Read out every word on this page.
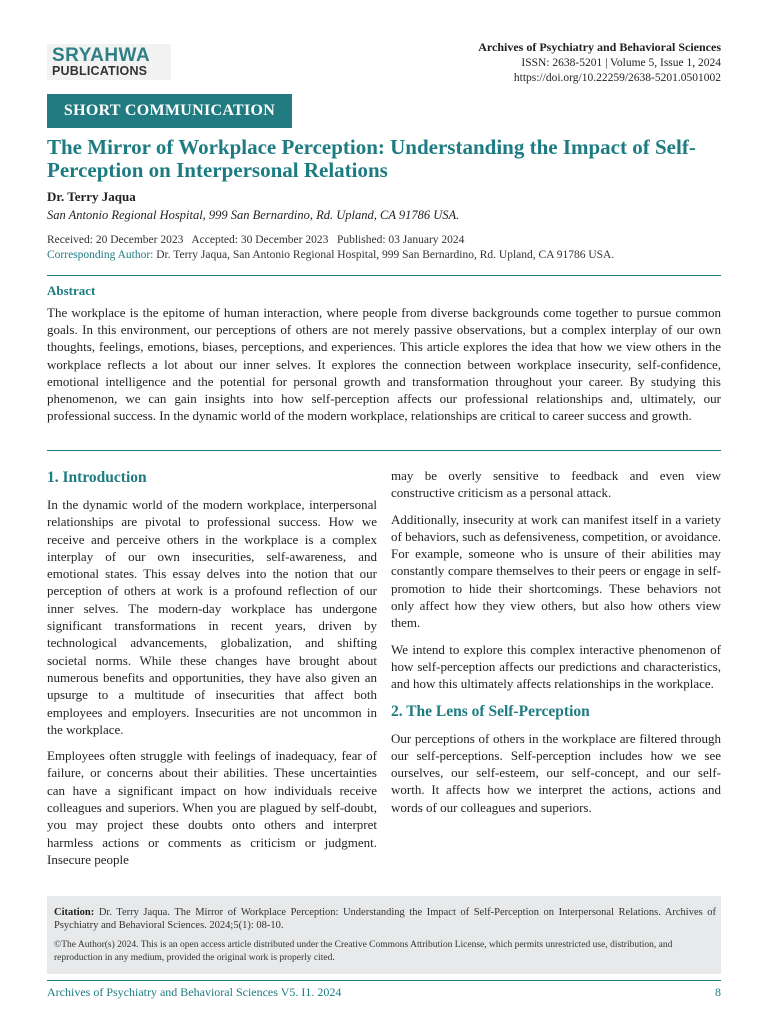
SRYAHWA
PUBLICATIONS
Archives of Psychiatry and Behavioral Sciences
ISSN: 2638-5201 | Volume 5, Issue 1, 2024
https://doi.org/10.22259/2638-5201.0501002
SHORT COMMUNICATION
The Mirror of Workplace Perception: Understanding the Impact of Self-Perception on Interpersonal Relations
Dr. Terry Jaqua
San Antonio Regional Hospital, 999 San Bernardino, Rd. Upland, CA 91786 USA.
Received: 20 December 2023   Accepted: 30 December 2023   Published: 03 January 2024
Corresponding Author: Dr. Terry Jaqua, San Antonio Regional Hospital, 999 San Bernardino, Rd. Upland, CA 91786 USA.
Abstract

The workplace is the epitome of human interaction, where people from diverse backgrounds come together to pursue common goals. In this environment, our perceptions of others are not merely passive observations, but a complex interplay of our own thoughts, feelings, emotions, biases, perceptions, and experiences. This article explores the idea that how we view others in the workplace reflects a lot about our inner selves. It explores the connection between workplace insecurity, self-confidence, emotional intelligence and the potential for personal growth and transformation throughout your career. By studying this phenomenon, we can gain insights into how self-perception affects our professional relationships and, ultimately, our professional success. In the dynamic world of the modern workplace, relationships are critical to career success and growth.

1. Introduction

In the dynamic world of the modern workplace, interpersonal relationships are pivotal to professional success. How we receive and perceive others in the workplace is a complex interplay of our own insecurities, self-awareness, and emotional states. This essay delves into the notion that our perception of others at work is a profound reflection of our inner selves. The modern-day workplace has undergone significant transformations in recent years, driven by technological advancements, globalization, and shifting societal norms. While these changes have brought about numerous benefits and opportunities, they have also given an upsurge to a multitude of insecurities that affect both employees and employers. Insecurities are not uncommon in the workplace.

Employees often struggle with feelings of inadequacy, fear of failure, or concerns about their abilities. These uncertainties can have a significant impact on how individuals receive colleagues and superiors. When you are plagued by self-doubt, you may project these doubts onto others and interpret harmless actions or comments as criticism or judgment. Insecure people

may be overly sensitive to feedback and even view constructive criticism as a personal attack.

Additionally, insecurity at work can manifest itself in a variety of behaviors, such as defensiveness, competition, or avoidance. For example, someone who is unsure of their abilities may constantly compare themselves to their peers or engage in self-promotion to hide their shortcomings. These behaviors not only affect how they view others, but also how others view them.

We intend to explore this complex interactive phenomenon of how self-perception affects our predictions and characteristics, and how this ultimately affects relationships in the workplace.

2. The Lens of Self-Perception

Our perceptions of others in the workplace are filtered through our self-perceptions. Self-perception includes how we see ourselves, our self-esteem, our self-concept, and our self-worth. It affects how we interpret the actions, actions and words of our colleagues and superiors.

Citation: Dr. Terry Jaqua. The Mirror of Workplace Perception: Understanding the Impact of Self-Perception on Interpersonal Relations. Archives of Psychiatry and Behavioral Sciences. 2024;5(1): 08-10.
©The Author(s) 2024. This is an open access article distributed under the Creative Commons Attribution License, which permits unrestricted use, distribution, and reproduction in any medium, provided the original work is properly cited.
Archives of Psychiatry and Behavioral Sciences V5. I1. 2024	8
